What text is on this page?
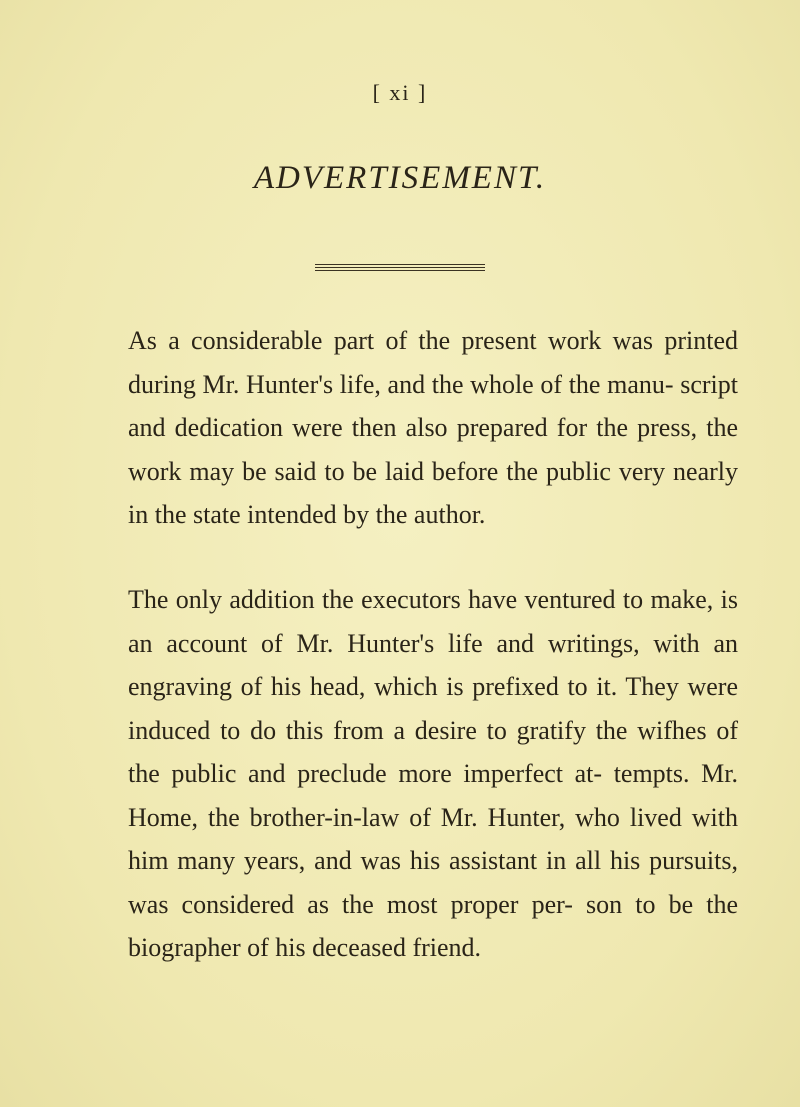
[ xi ]
ADVERTISEMENT.

As a considerable part of the present work was printed during Mr. Hunter's life, and the whole of the manu- script and dedication were then also prepared for the press, the work may be said to be laid before the public very nearly in the state intended by the author.

The only addition the executors have ventured to make, is an account of Mr. Hunter's life and writings, with an engraving of his head, which is prefixed to it. They were induced to do this from a desire to gratify the wifhes of the public and preclude more imperfect at- tempts. Mr. Home, the brother-in-law of Mr. Hunter, who lived with him many years, and was his assistant in all his pursuits, was considered as the most proper per- son to be the biographer of his deceased friend.
